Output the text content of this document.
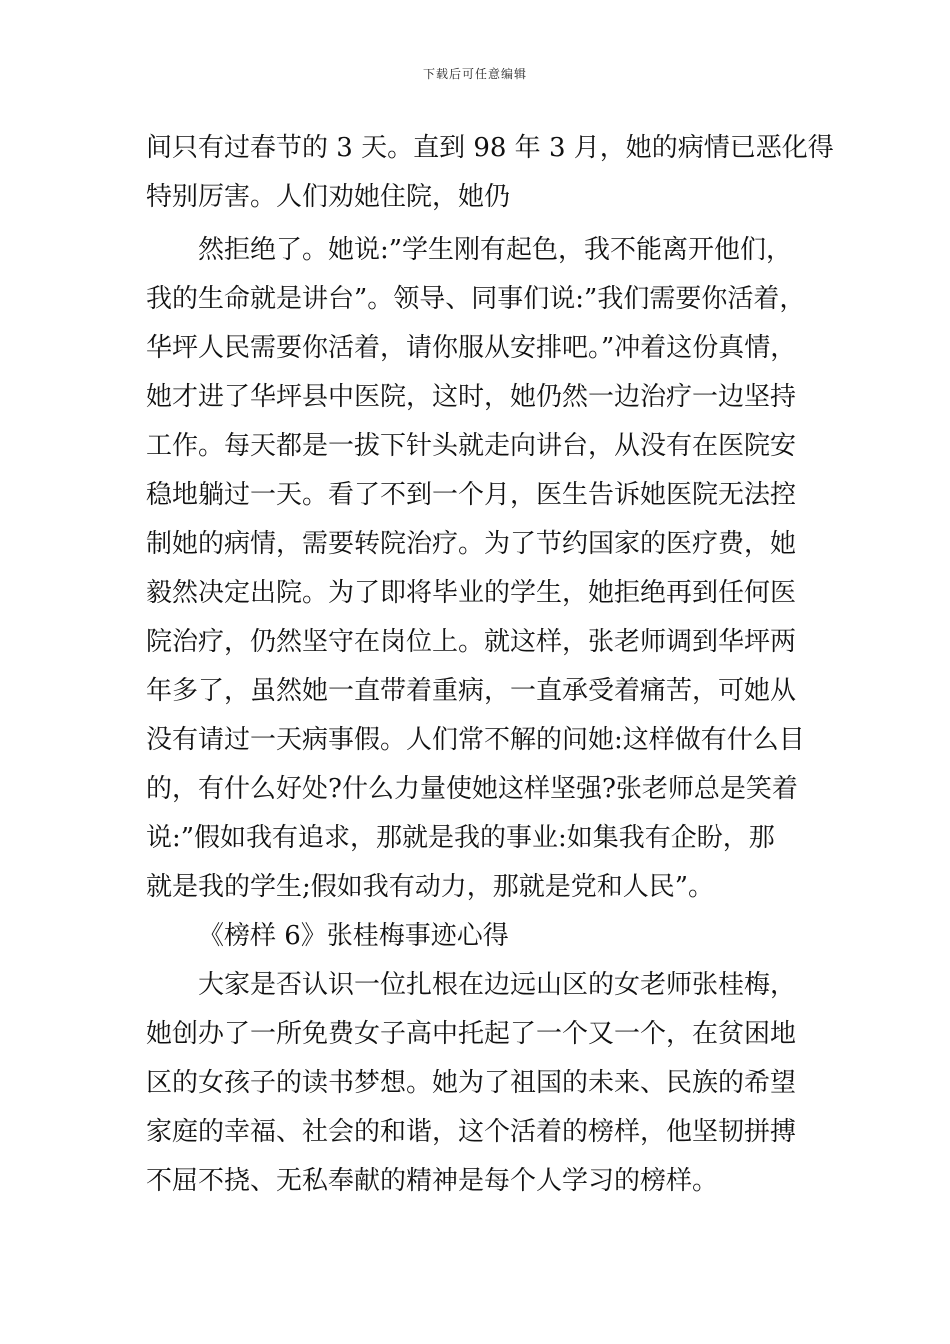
下载后可任意编辑
间只有过春节的 3 天。直到 98 年 3 月，她的病情已恶化得
特别厉害。人们劝她住院，她仍
然拒绝了。她说:”学生刚有起色，我不能离开他们，
我的生命就是讲台”。领导、同事们说:”我们需要你活着，
华坪人民需要你活着，请你服从安排吧。”冲着这份真情，
她才进了华坪县中医院，这时，她仍然一边治疗一边坚持
工作。每天都是一拔下针头就走向讲台，从没有在医院安
稳地躺过一天。看了不到一个月，医生告诉她医院无法控
制她的病情，需要转院治疗。为了节约国家的医疗费，她
毅然决定出院。为了即将毕业的学生，她拒绝再到任何医
院治疗，仍然坚守在岗位上。就这样，张老师调到华坪两
年多了，虽然她一直带着重病，一直承受着痛苦，可她从
没有请过一天病事假。人们常不解的问她:这样做有什么目
的，有什么好处?什么力量使她这样坚强?张老师总是笑着
说:”假如我有追求，那就是我的事业:如集我有企盼，那
就是我的学生;假如我有动力，那就是党和人民”。
《榜样 6》张桂梅事迹心得
大家是否认识一位扎根在边远山区的女老师张桂梅，
她创办了一所免费女子高中托起了一个又一个，在贫困地
区的女孩子的读书梦想。她为了祖国的未来、民族的希望
家庭的幸福、社会的和谐，这个活着的榜样，他坚韧拼搏
不屈不挠、无私奉献的精神是每个人学习的榜样。
